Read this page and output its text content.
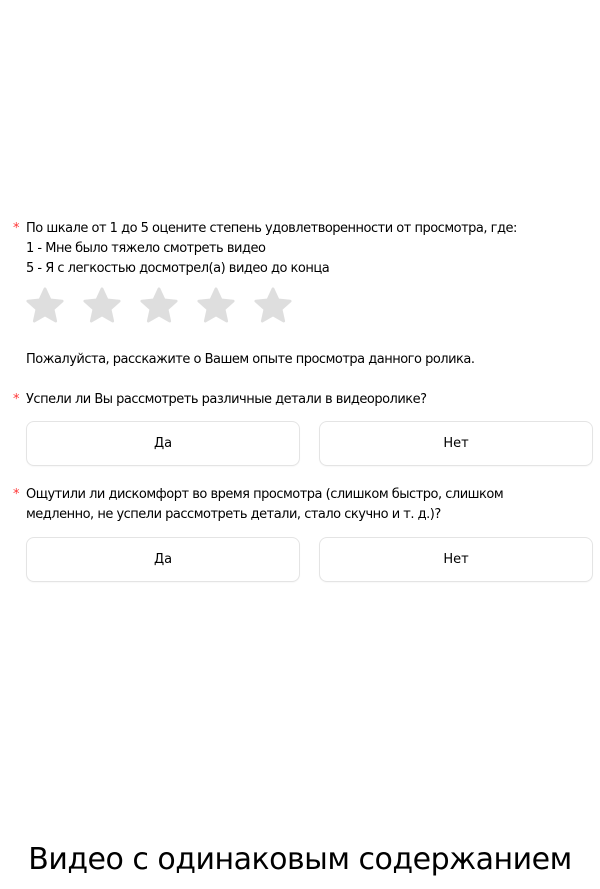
* По шкале от 1 до 5 оцените степень удовлетворенности от просмотра, где:
1 - Мне было тяжело смотреть видео
5 - Я с легкостью досмотрел(а) видео до конца
Пожалуйста, расскажите о Вашем опыте просмотра данного ролика.
* Успели ли Вы рассмотреть различные детали в видеоролике?
Да	Нет
* Ощутили ли дискомфорт во время просмотра (слишком быстро, слишком
медленно, не успели рассмотреть детали, стало скучно и т. д.)?
Да	Нет
Видео с одинаковым содержанием
